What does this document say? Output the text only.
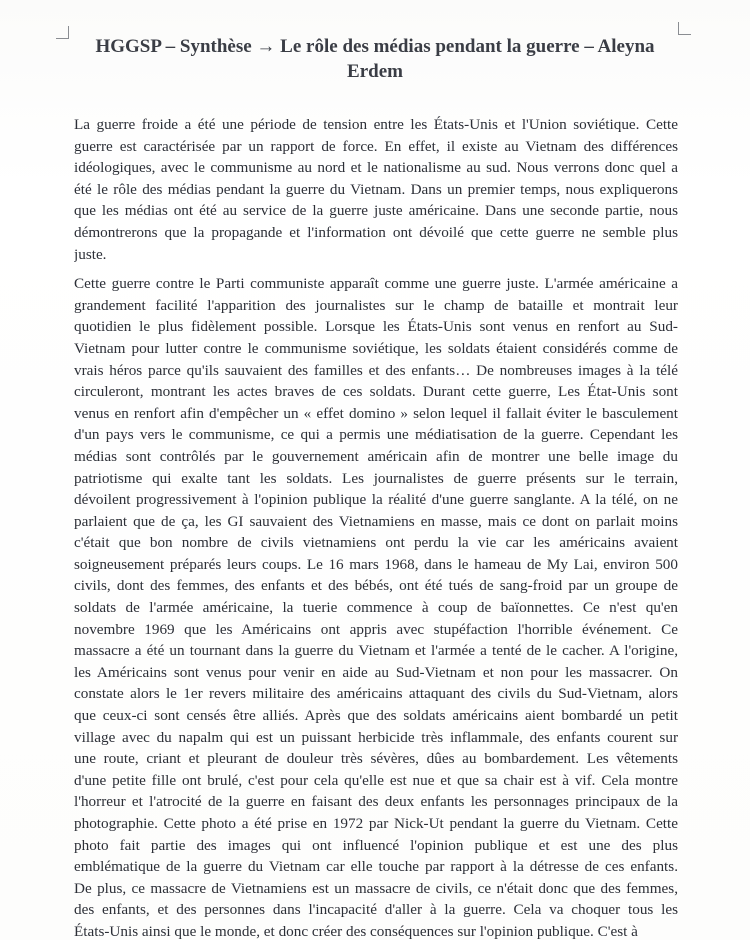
HGGSP – Synthèse → Le rôle des médias pendant la guerre – Aleyna Erdem

La guerre froide a été une période de tension entre les États-Unis et l'Union soviétique. Cette
guerre est caractérisée par un rapport de force. En effet, il existe au Vietnam des différences
idéologiques, avec le communisme au nord et le nationalisme au sud. Nous verrons donc quel a
été le rôle des médias pendant la guerre du Vietnam. Dans un premier temps, nous expliquerons
que les médias ont été au service de la guerre juste américaine. Dans une seconde partie, nous
démontrerons que la propagande et l'information ont dévoilé que cette guerre ne semble plus
juste.

Cette guerre contre le Parti communiste apparaît comme une guerre juste. L'armée américaine a
grandement facilité l'apparition des journalistes sur le champ de bataille et montrait leur
quotidien le plus fidèlement possible. Lorsque les États-Unis sont venus en renfort au Sud-
Vietnam pour lutter contre le communisme soviétique, les soldats étaient considérés comme de
vrais héros parce qu'ils sauvaient des familles et des enfants… De nombreuses images à la télé
circuleront, montrant les actes braves de ces soldats. Durant cette guerre, Les État-Unis sont
venus en renfort afin d'empêcher un « effet domino » selon lequel il fallait éviter le basculement
d'un pays vers le communisme, ce qui a permis une médiatisation de la guerre. Cependant les
médias sont contrôlés par le gouvernement américain afin de montrer une belle image du
patriotisme qui exalte tant les soldats. Les journalistes de guerre présents sur le terrain,
dévoilent progressivement à l'opinion publique la réalité d'une guerre sanglante. A la télé, on ne
parlaient que de ça, les GI sauvaient des Vietnamiens en masse, mais ce dont on parlait moins
c'était que bon nombre de civils vietnamiens ont perdu la vie car les américains avaient
soigneusement préparés leurs coups. Le 16 mars 1968, dans le hameau de My Lai, environ 500
civils, dont des femmes, des enfants et des bébés, ont été tués de sang-froid par un groupe de
soldats de l'armée américaine, la tuerie commence à coup de baïonnettes. Ce n'est qu'en
novembre 1969 que les Américains ont appris avec stupéfaction l'horrible événement. Ce
massacre a été un tournant dans la guerre du Vietnam et l'armée a tenté de le cacher. A l'origine,
les Américains sont venus pour venir en aide au Sud-Vietnam et non pour les massacrer. On
constate alors le 1er revers militaire des américains attaquant des civils du Sud-Vietnam, alors
que ceux-ci sont censés être alliés. Après que des soldats américains aient bombardé un petit
village avec du napalm qui est un puissant herbicide très inflammale, des enfants courent sur
une route, criant et pleurant de douleur très sévères, dûes au bombardement. Les vêtements
d'une petite fille ont brulé, c'est pour cela qu'elle est nue et que sa chair est à vif. Cela montre
l'horreur et l'atrocité de la guerre en faisant des deux enfants les personnages principaux de la
photographie. Cette photo a été prise en 1972 par Nick-Ut pendant la guerre du Vietnam. Cette
photo fait partie des images qui ont influencé l'opinion publique et est une des plus
emblématique de la guerre du Vietnam car elle touche par rapport à la détresse de ces enfants.
De plus, ce massacre de Vietnamiens est un massacre de civils, ce n'était donc que des femmes,
des enfants, et des personnes dans l'incapacité d'aller à la guerre. Cela va choquer tous les
États-Unis ainsi que le monde, et donc créer des conséquences sur l'opinion publique. C'est à
